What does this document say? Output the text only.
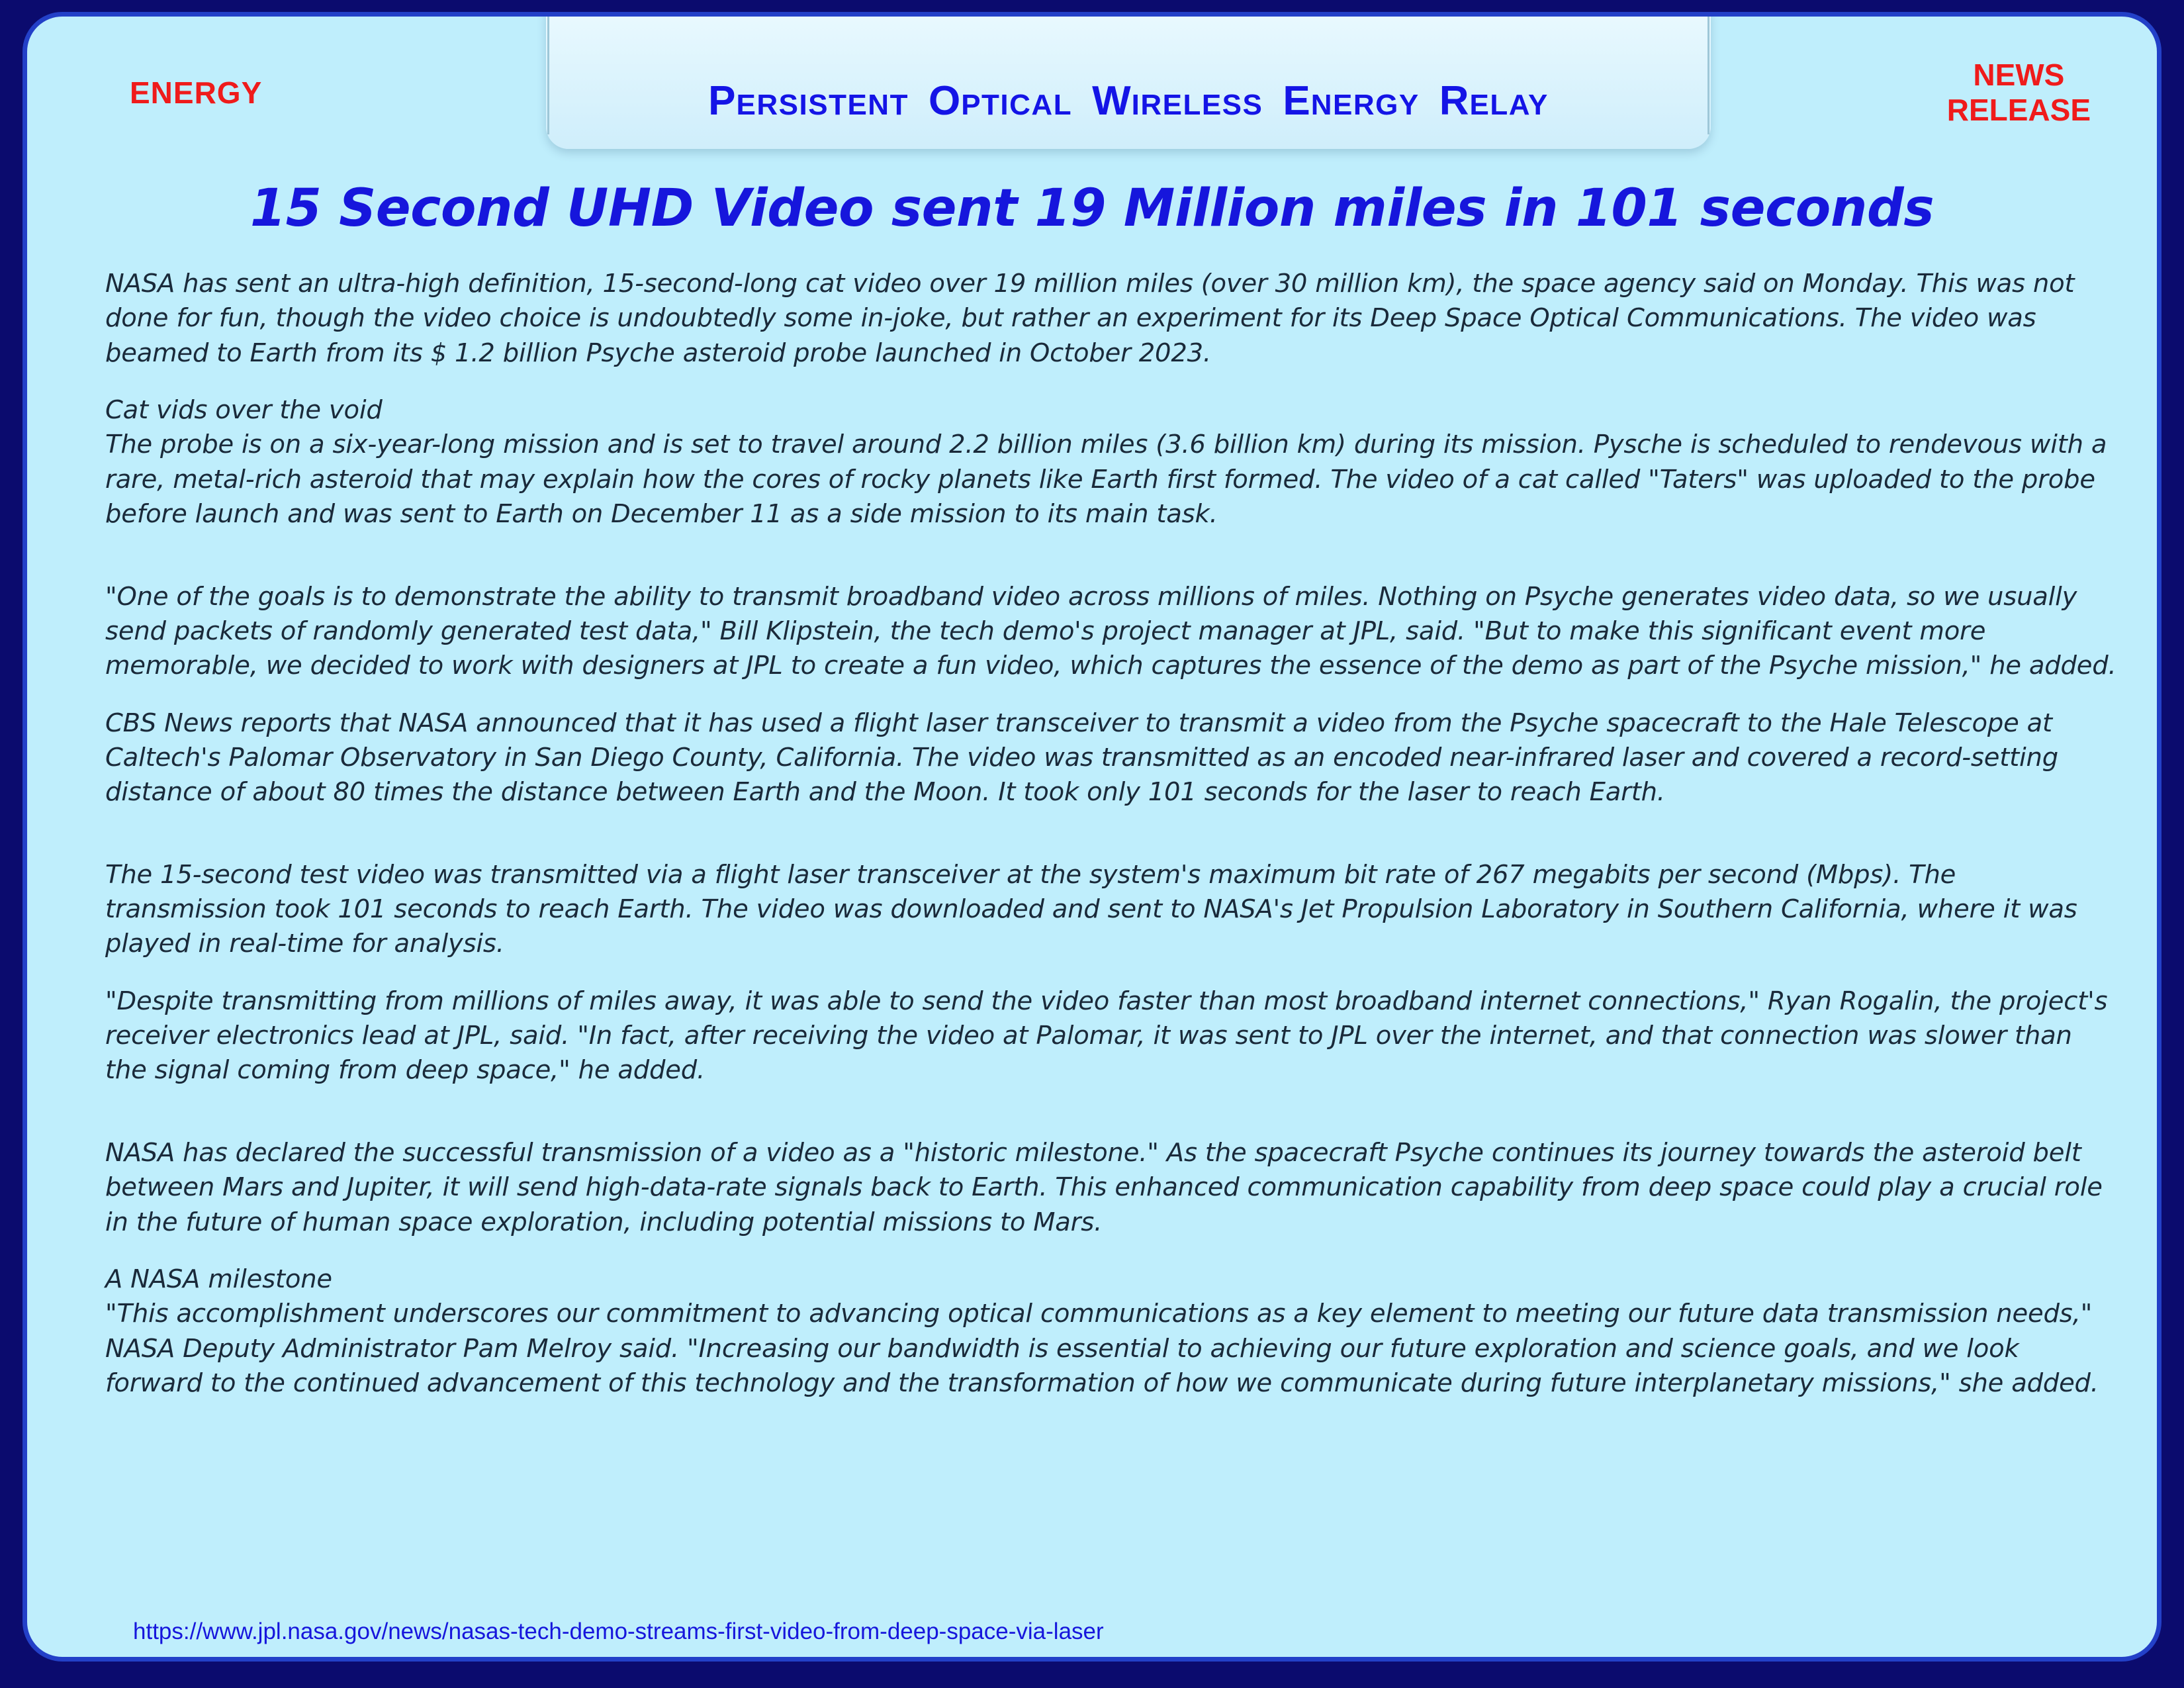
ENERGY	PERSISTENT OPTICAL WIRELESS ENERGY RELAY
NEWS
RELEASE
15 Second UHD Video sent 19 Million miles in 101 seconds

NASA has sent an ultra-high definition, 15-second-long cat video over 19 million miles (over 30 million km), the space agency said on Monday. This was not done for fun, though the video choice is undoubtedly some in-joke, but rather an experiment for its Deep Space Optical Communications. The video was beamed to Earth from its $ 1.2 billion Psyche asteroid probe launched in October 2023.

Cat vids over the void

The probe is on a six-year-long mission and is set to travel around 2.2 billion miles (3.6 billion km) during its mission. Pysche is scheduled to rendevous with a rare, metal-rich asteroid that may explain how the cores of rocky planets like Earth first formed. The video of a cat called "Taters" was uploaded to the probe before launch and was sent to Earth on December 11 as a side mission to its main task.

"One of the goals is to demonstrate the ability to transmit broadband video across millions of miles. Nothing on Psyche generates video data, so we usually send packets of randomly generated test data," Bill Klipstein, the tech demo's project manager at JPL, said. "But to make this significant event more memorable, we decided to work with designers at JPL to create a fun video, which captures the essence of the demo as part of the Psyche mission," he added.

CBS News reports that NASA announced that it has used a flight laser transceiver to transmit a video from the Psyche spacecraft to the Hale Telescope at Caltech's Palomar Observatory in San Diego County, California. The video was transmitted as an encoded near-infrared laser and covered a record-setting distance of about 80 times the distance between Earth and the Moon. It took only 101 seconds for the laser to reach Earth.

The 15-second test video was transmitted via a flight laser transceiver at the system's maximum bit rate of 267 megabits per second (Mbps). The transmission took 101 seconds to reach Earth. The video was downloaded and sent to NASA's Jet Propulsion Laboratory in Southern California, where it was played in real-time for analysis.

"Despite transmitting from millions of miles away, it was able to send the video faster than most broadband internet connections," Ryan Rogalin, the project's receiver electronics lead at JPL, said. "In fact, after receiving the video at Palomar, it was sent to JPL over the internet, and that connection was slower than the signal coming from deep space," he added.

NASA has declared the successful transmission of a video as a "historic milestone." As the spacecraft Psyche continues its journey towards the asteroid belt between Mars and Jupiter, it will send high-data-rate signals back to Earth. This enhanced communication capability from deep space could play a crucial role in the future of human space exploration, including potential missions to Mars.

A NASA milestone

"This accomplishment underscores our commitment to advancing optical communications as a key element to meeting our future data transmission needs," NASA Deputy Administrator Pam Melroy said. "Increasing our bandwidth is essential to achieving our future exploration and science goals, and we look forward to the continued advancement of this technology and the transformation of how we communicate during future interplanetary missions," she added.

https://www.jpl.nasa.gov/news/nasas-tech-demo-streams-first-video-from-deep-space-via-laser
